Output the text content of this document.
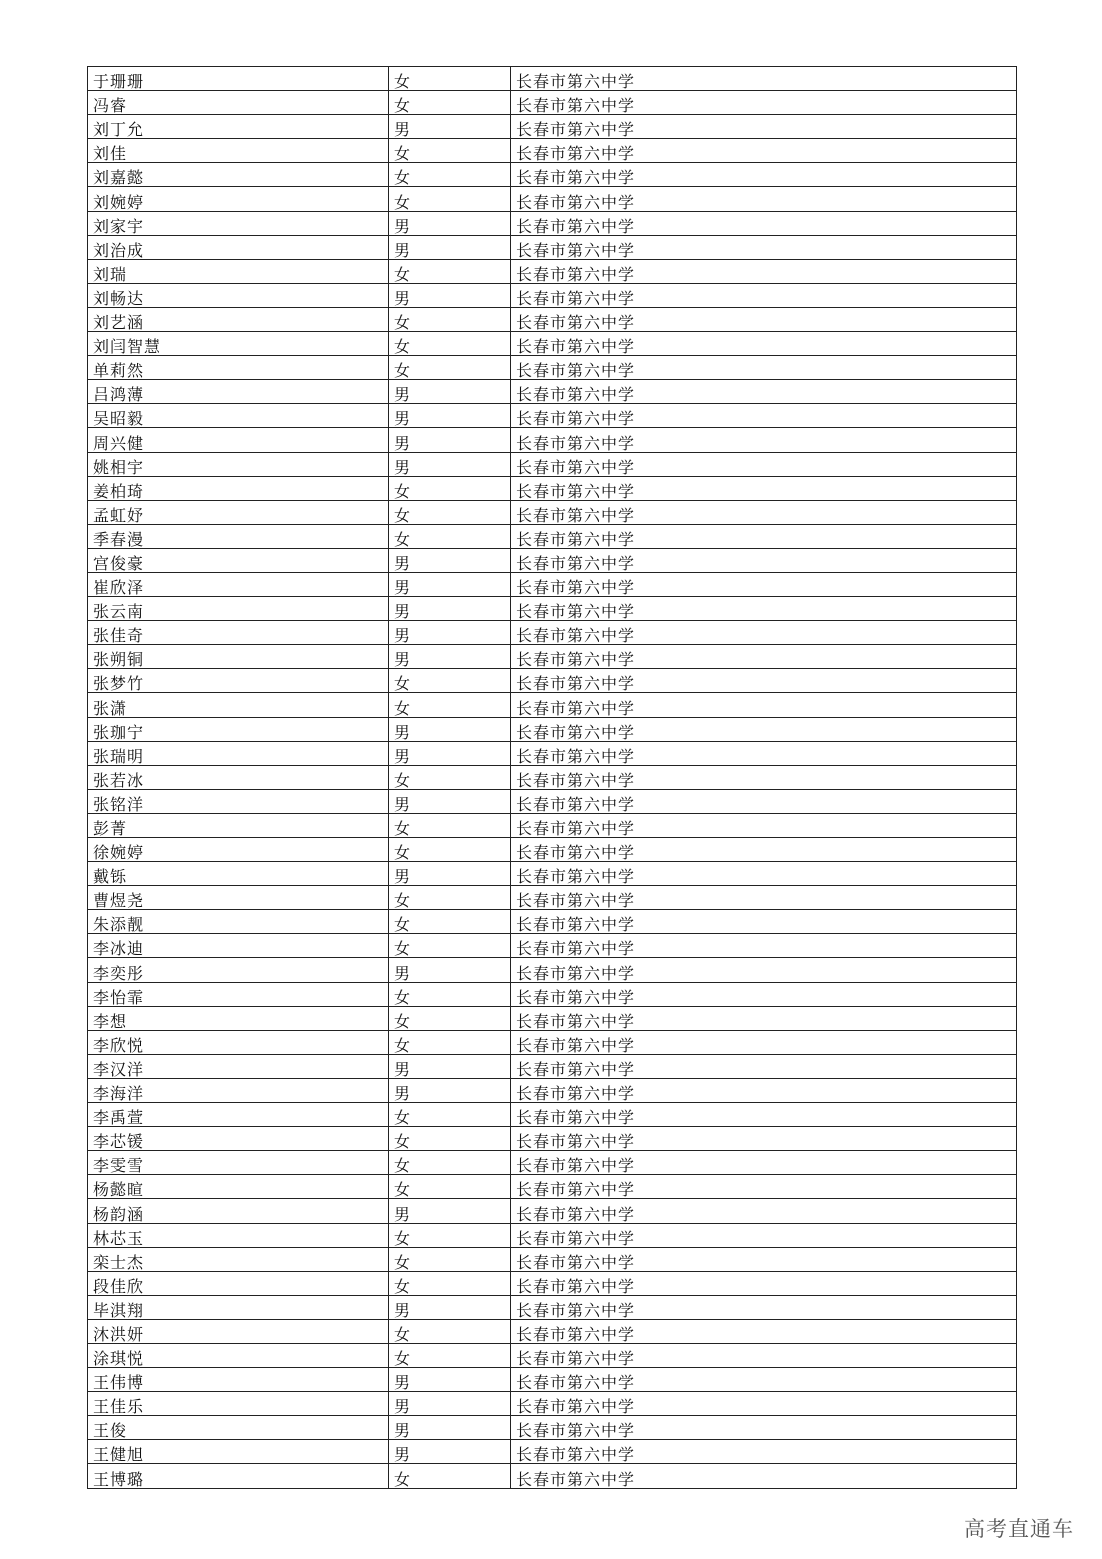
于珊珊	女	长春市第六中学
冯睿	女	长春市第六中学
刘丁允	男	长春市第六中学
刘佳	女	长春市第六中学
刘嘉懿	女	长春市第六中学
刘婉婷	女	长春市第六中学
刘家宇	男	长春市第六中学
刘治成	男	长春市第六中学
刘瑞	女	长春市第六中学
刘畅达	男	长春市第六中学
刘艺涵	女	长春市第六中学
刘闫智慧	女	长春市第六中学
单莉然	女	长春市第六中学
吕鸿薄	男	长春市第六中学
吴昭毅	男	长春市第六中学
周兴健	男	长春市第六中学
姚相宇	男	长春市第六中学
姜柏琦	女	长春市第六中学
孟虹妤	女	长春市第六中学
季春漫	女	长春市第六中学
宫俊豪	男	长春市第六中学
崔欣泽	男	长春市第六中学
张云南	男	长春市第六中学
张佳奇	男	长春市第六中学
张朔铜	男	长春市第六中学
张梦竹	女	长春市第六中学
张潇	女	长春市第六中学
张珈宁	男	长春市第六中学
张瑞明	男	长春市第六中学
张若冰	女	长春市第六中学
张铭洋	男	长春市第六中学
彭菁	女	长春市第六中学
徐婉婷	女	长春市第六中学
戴铄	男	长春市第六中学
曹煜尧	女	长春市第六中学
朱添靓	女	长春市第六中学
李冰迪	女	长春市第六中学
李奕彤	男	长春市第六中学
李怡霏	女	长春市第六中学
李想	女	长春市第六中学
李欣悦	女	长春市第六中学
李汉洋	男	长春市第六中学
李海洋	男	长春市第六中学
李禹萱	女	长春市第六中学
李芯锾	女	长春市第六中学
李雯雪	女	长春市第六中学
杨懿暄	女	长春市第六中学
杨韵涵	男	长春市第六中学
林芯玉	女	长春市第六中学
栾士杰	女	长春市第六中学
段佳欣	女	长春市第六中学
毕淇翔	男	长春市第六中学
沐洪妍	女	长春市第六中学
涂琪悦	女	长春市第六中学
王伟博	男	长春市第六中学
王佳乐	男	长春市第六中学
王俊	男	长春市第六中学
王健旭	男	长春市第六中学
王博璐	女	长春市第六中学
高考直通车
